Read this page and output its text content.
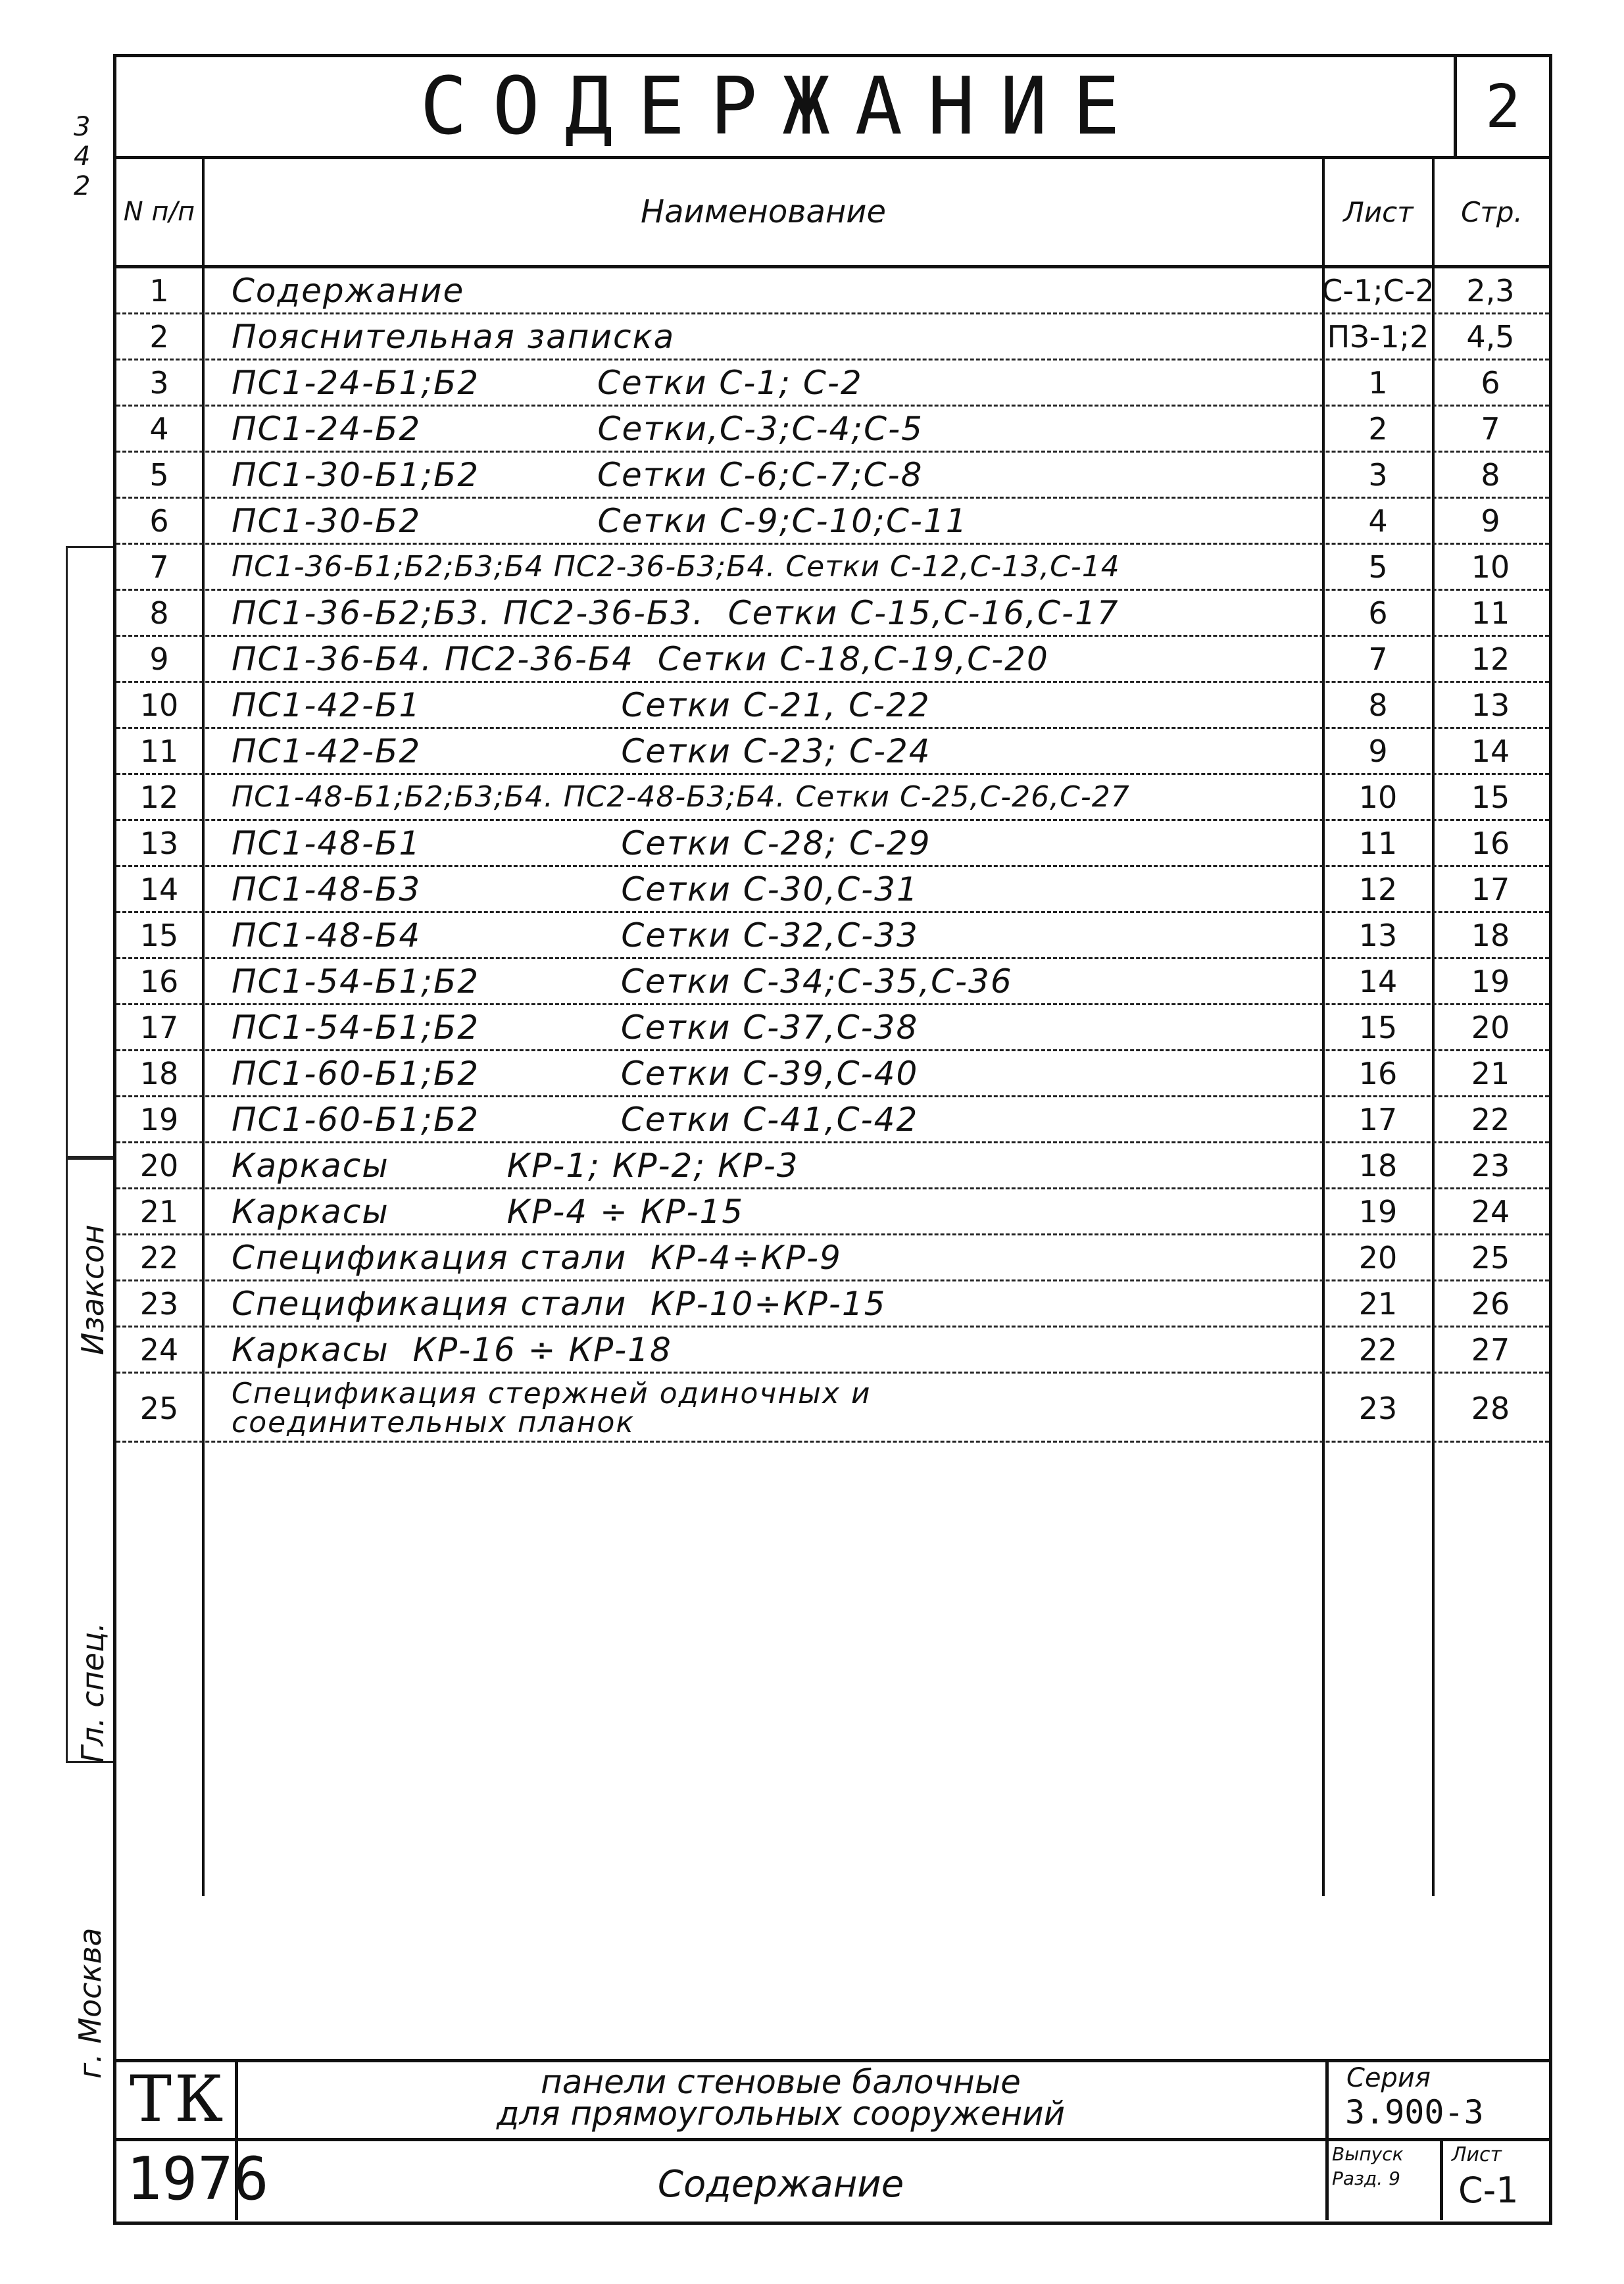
3
4
2
Изаксон
Гл. спец.
г. Москва
СОДЕРЖАНИЕ	2
N п/п	Наименование	Лист	Стр.
1	Содержание	С-1;С-2	2,3
2	Пояснительная записка	ПЗ-1;2	4,5
3	ПС1-24-Б1;Б2          Сетки С-1; С-2	1	6
4	ПС1-24-Б2               Сетки,С-3;С-4;С-5	2	7
5	ПС1-30-Б1;Б2          Сетки С-6;С-7;С-8	3	8
6	ПС1-30-Б2               Сетки С-9;С-10;С-11	4	9
7	ПС1-36-Б1;Б2;Б3;Б4 ПС2-36-Б3;Б4. Сетки С-12,С-13,С-14	5	10
8	ПС1-36-Б2;Б3. ПС2-36-Б3.  Сетки С-15,С-16,С-17	6	11
9	ПС1-36-Б4. ПС2-36-Б4  Сетки С-18,С-19,С-20	7	12
10	ПС1-42-Б1                 Сетки С-21, С-22	8	13
11	ПС1-42-Б2                 Сетки С-23; С-24	9	14
12	ПС1-48-Б1;Б2;Б3;Б4. ПС2-48-Б3;Б4. Сетки С-25,С-26,С-27	10	15
13	ПС1-48-Б1                 Сетки С-28; С-29	11	16
14	ПС1-48-Б3                 Сетки С-30,С-31	12	17
15	ПС1-48-Б4                 Сетки С-32,С-33	13	18
16	ПС1-54-Б1;Б2            Сетки С-34;С-35,С-36	14	19
17	ПС1-54-Б1;Б2            Сетки С-37,С-38	15	20
18	ПС1-60-Б1;Б2            Сетки С-39,С-40	16	21
19	ПС1-60-Б1;Б2            Сетки С-41,С-42	17	22
20	Каркасы          КР-1; КР-2; КР-3	18	23
21	Каркасы          КР-4 ÷ КР-15	19	24
22	Спецификация стали  КР-4÷КР-9	20	25
23	Спецификация стали  КР-10÷КР-15	21	26
24	Каркасы  КР-16 ÷ КР-18	22	27
25	Спецификация стержней одиночных и
соединительных планок	23	28
ТК
1976
панели стеновые балочные
для прямоугольных сооружений
Содержание
Серия
3.900-3
Выпуск
Разд. 9
Лист
С-1
